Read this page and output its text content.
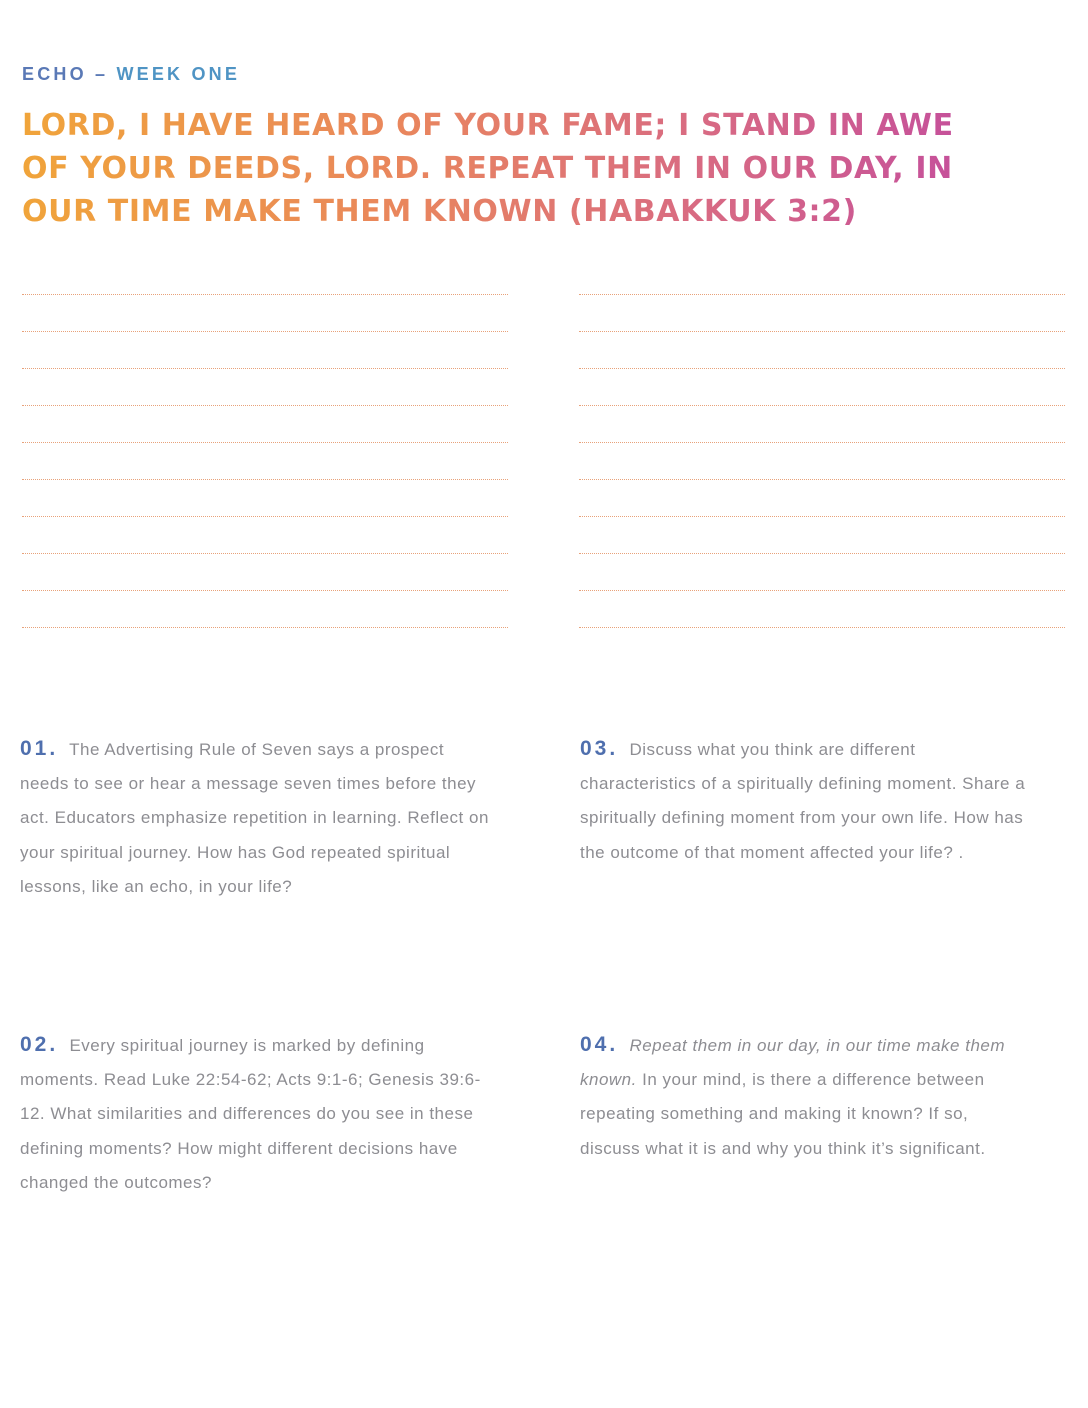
ECHO – WEEK ONE
LORD, I HAVE HEARD OF YOUR FAME; I STAND IN AWE
OF YOUR DEEDS, LORD. REPEAT THEM IN OUR DAY, IN
OUR TIME MAKE THEM KNOWN (HABAKKUK 3:2)
01. The Advertising Rule of Seven says a prospect needs to see or hear a message seven times before they act. Educators emphasize repetition in learning. Reflect on your spiritual journey. How has God repeated spiritual lessons, like an echo, in your life?
03. Discuss what you think are different characteristics of a spiritually defining moment. Share a spiritually defining moment from your own life. How has the outcome of that moment affected your life? .
02. Every spiritual journey is marked by defining moments. Read Luke 22:54-62; Acts 9:1-6; Genesis 39:6-12. What similarities and differences do you see in these defining moments? How might different decisions have changed the outcomes?
04. Repeat them in our day, in our time make them known. In your mind, is there a difference between repeating something and making it known? If so, discuss what it is and why you think it’s significant.
